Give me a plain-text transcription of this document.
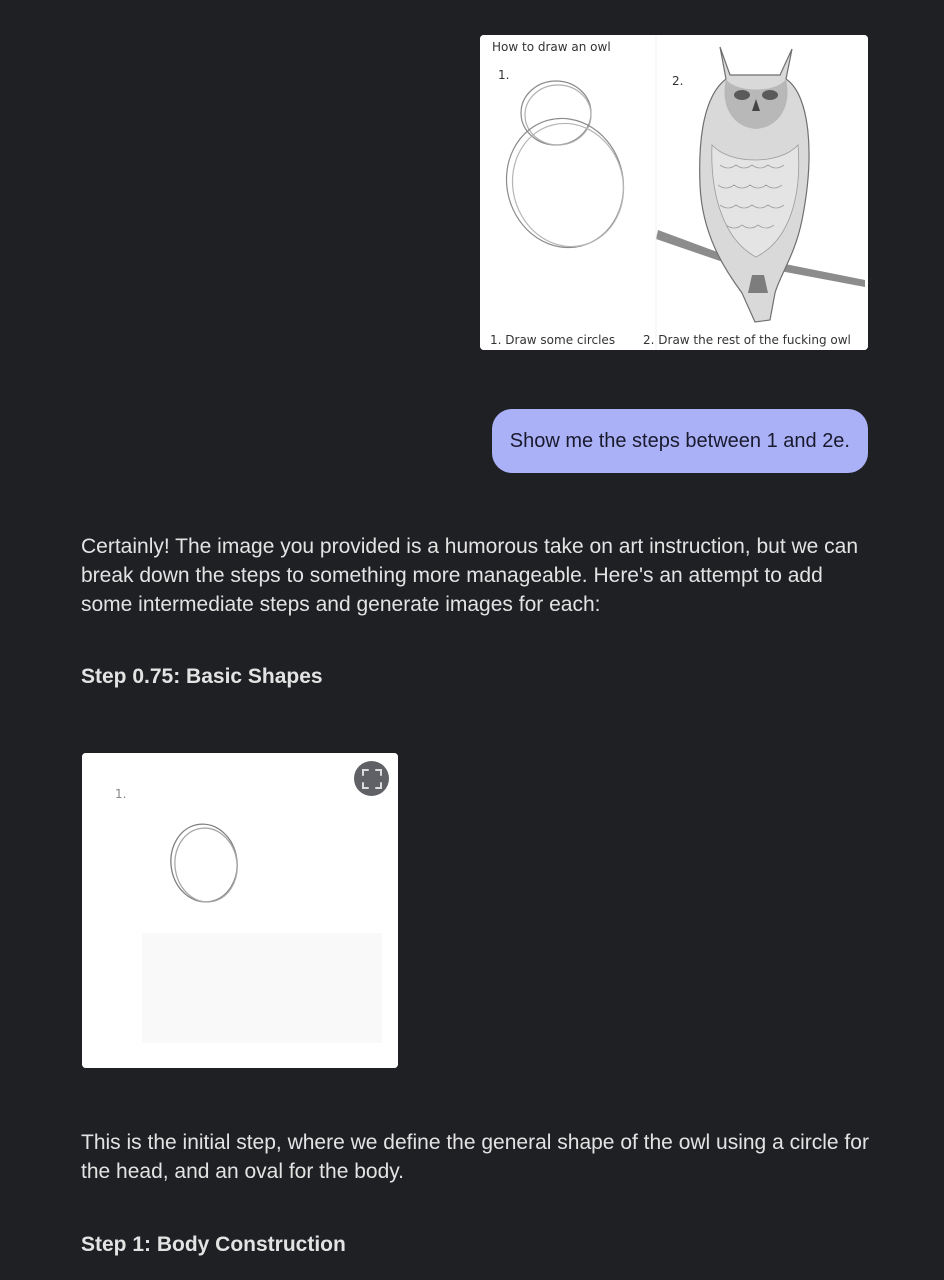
How to draw an owl
1.	2.
1. Draw some circles 2. Draw the rest of the fucking owl
Show me the steps between 1 and 2e.

Certainly! The image you provided is a humorous take on art instruction, but we can break down the steps to something more manageable. Here's an attempt to add some intermediate steps and generate images for each:

Step 0.75: Basic Shapes
1.

This is the initial step, where we define the general shape of the owl using a circle for the head, and an oval for the body.

Step 1: Body Construction
